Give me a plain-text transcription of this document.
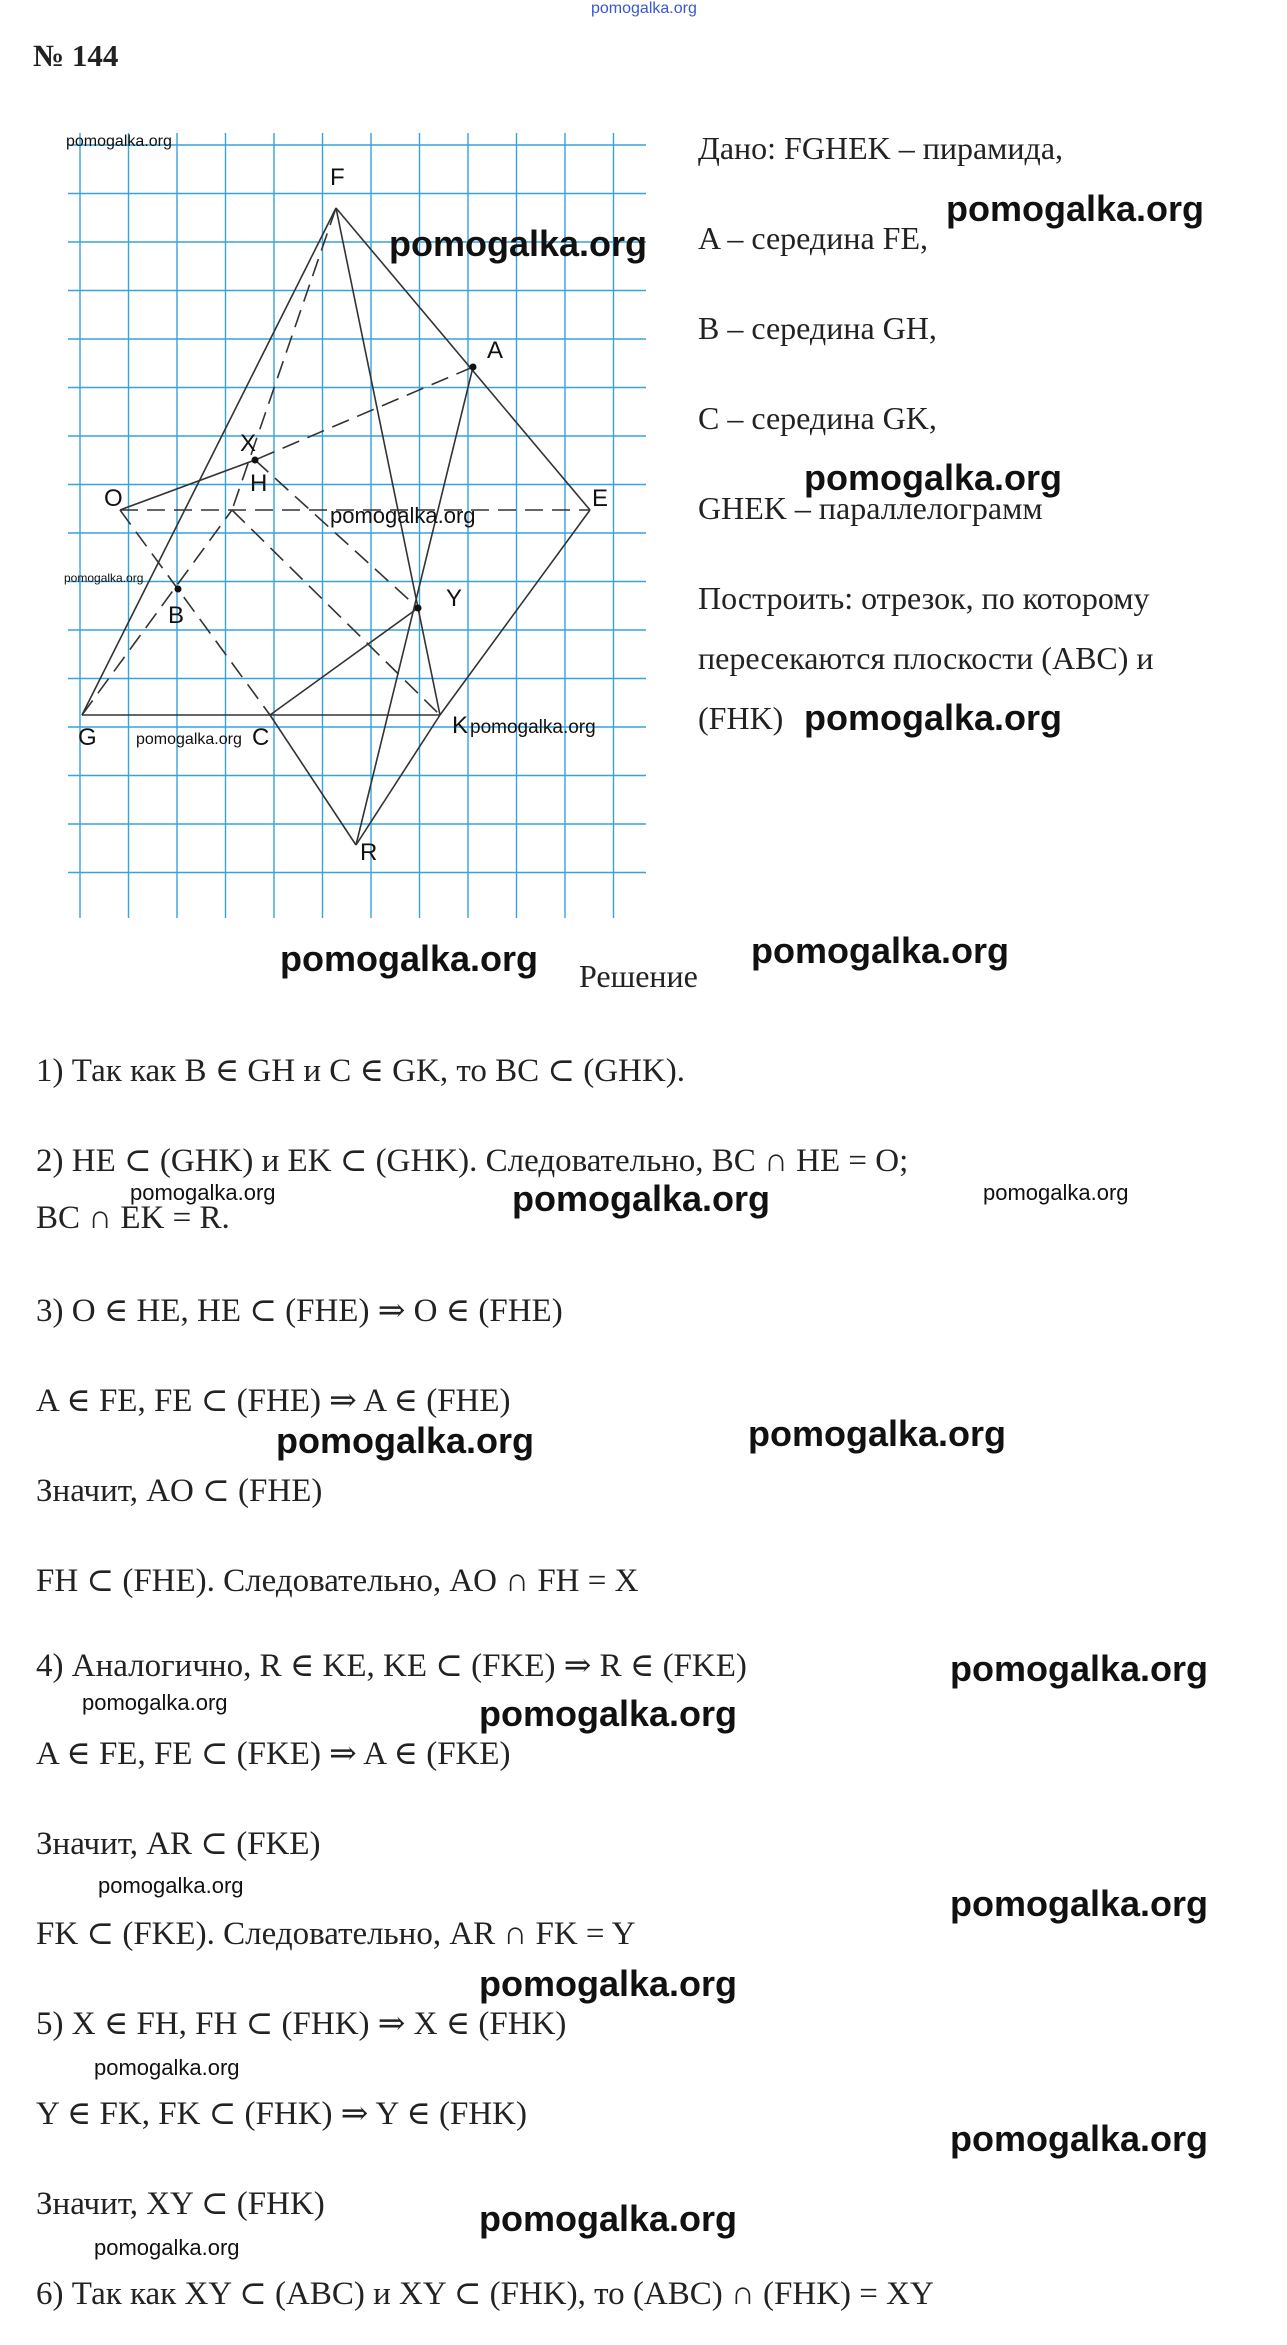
pomogalka.org
№ 144
F
A
X
H
O	E
B
Y
G	C	K
R
pomogalka.org
pomogalka.org
pomogalka.org
pomogalka.org
pomogalka.org
pomogalka.org
Дано: FGHEK – пирамида,
A – середина FE,
B – середина GH,
C – середина GK,
GHEK – параллелограмм
Построить: отрезок, по которому
пересекаются плоскости (ABC) и
(FHK)
Решение
1) Так как B ∈ GH и C ∈ GK, то BC ⊂ (GHK).
2) HE ⊂ (GHK) и EK ⊂ (GHK). Следовательно, BC ∩ HE = O;
BC ∩ EK = R.
3) O ∈ HE, HE ⊂ (FHE) ⇒ O ∈ (FHE)
A ∈ FE, FE ⊂ (FHE) ⇒ A ∈ (FHE)
Значит, AO ⊂ (FHE)
FH ⊂ (FHE). Следовательно, AO ∩ FH = X
4) Аналогично, R ∈ KE, KE ⊂ (FKE) ⇒ R ∈ (FKE)
A ∈ FE, FE ⊂ (FKE) ⇒ A ∈ (FKE)
Значит, AR ⊂ (FKE)
FK ⊂ (FKE). Следовательно, AR ∩ FK = Y
5) X ∈ FH, FH ⊂ (FHK) ⇒ X ∈ (FHK)
Y ∈ FK, FK ⊂ (FHK) ⇒ Y ∈ (FHK)
Значит, XY ⊂ (FHK)
6) Так как XY ⊂ (ABC) и XY ⊂ (FHK), то (ABC) ∩ (FHK) = XY
pomogalka.org
pomogalka.org
pomogalka.org
pomogalka.org	pomogalka.org
pomogalka.org	pomogalka.org	pomogalka.org
pomogalka.org	pomogalka.org
pomogalka.org
pomogalka.org	pomogalka.org
pomogalka.org	pomogalka.org
pomogalka.org
pomogalka.org
pomogalka.org
pomogalka.org
pomogalka.org
